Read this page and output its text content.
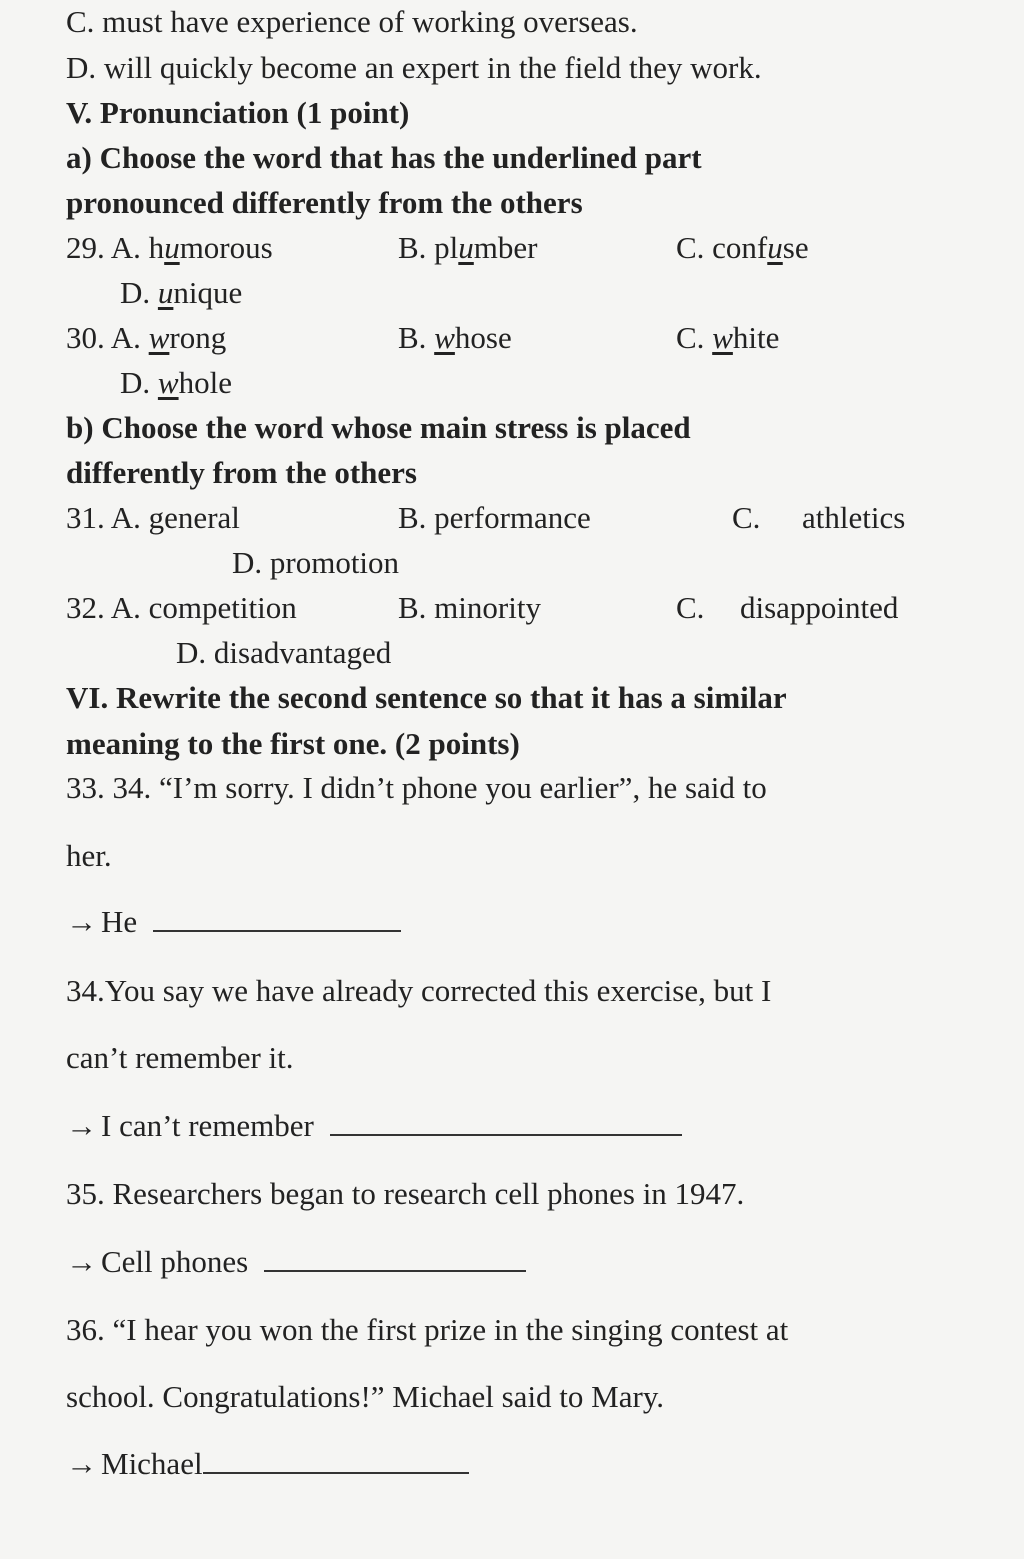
C. must have experience of working overseas.
D. will quickly become an expert in the field they work.
V. Pronunciation (1 point)
a) Choose the word that has the underlined part
pronounced differently from the others
29. A. humorous	B. plumber	C. confuse
D. unique
30. A. wrong	B. whose	C. white
D. whole
b) Choose the word whose main stress is placed
differently from the others
31. A. general	B. performance	C. athletics
D. promotion
32. A. competition	B. minority	C. disappointed
D. disadvantaged
VI. Rewrite the second sentence so that it has a similar
meaning to the first one. (2 points)
33. 34. “I’m sorry. I didn’t phone you earlier”, he said to
her.
→ He
34.You say we have already corrected this exercise, but I
can’t remember it.
→ I can’t remember
35. Researchers began to research cell phones in 1947.
→ Cell phones
36. “I hear you won the first prize in the singing contest at
school. Congratulations!” Michael said to Mary.
→ Michael
